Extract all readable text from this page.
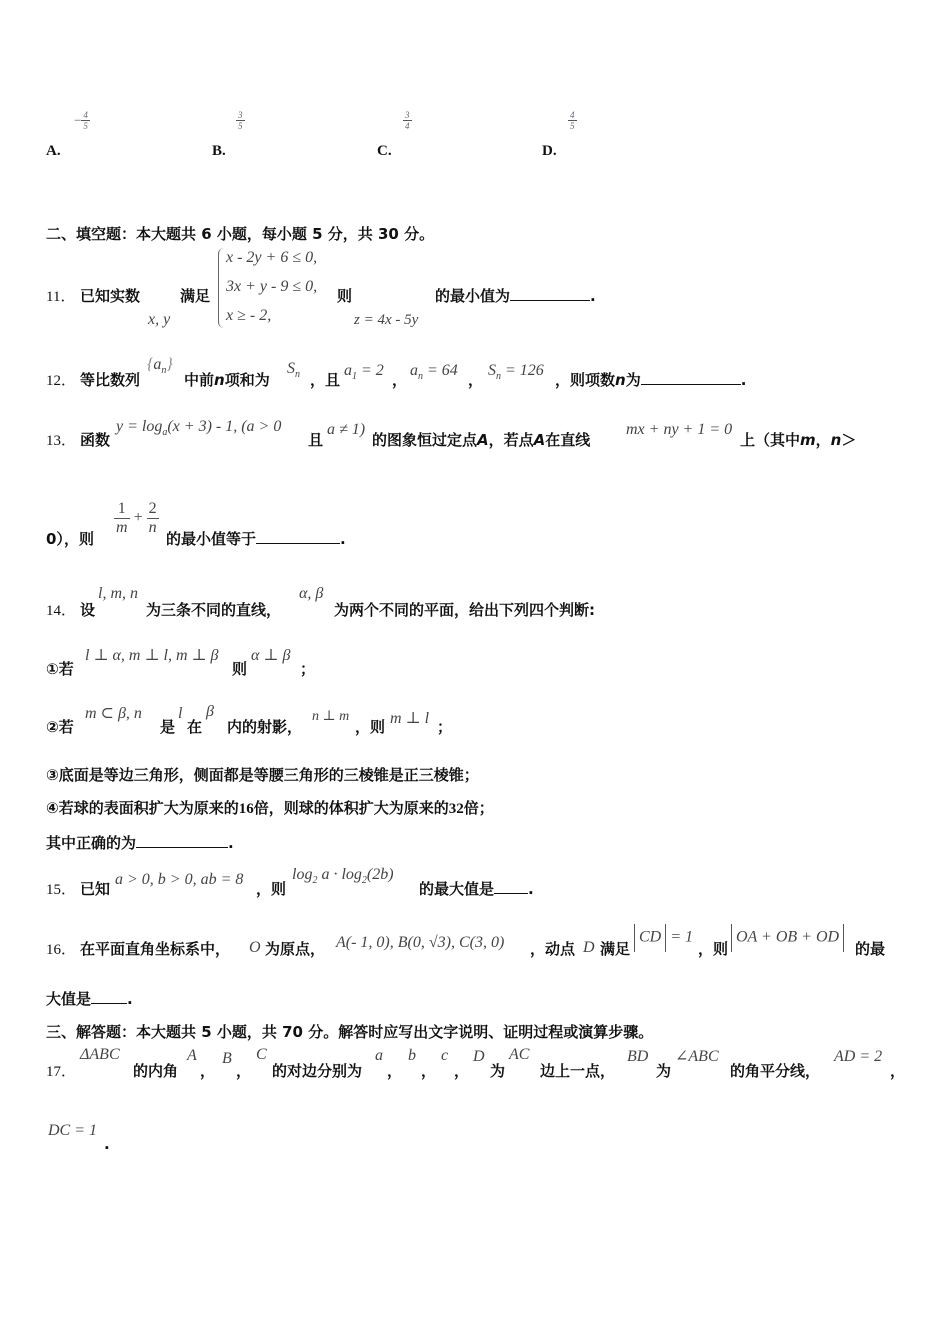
A.
− $\frac{4}{5}$
B.
$\frac{3}{5}$
C.
$\frac{3}{4}$
D.
$\frac{4}{5}$
二、填空题：本大题共 6 小题，每小题 5 分，共 30 分。
11． 已知实数
x, y
满足
x - 2y + 6 ≤ 0,
3x + y - 9 ≤ 0,
x ≥ - 2,
则
z = 4x - 5y
的最小值为	.
12． 等比数列
$\{a_n\}$
中前n项和为
$S_n$ ，且
$a_1 = 2$
，
$a_n = 64$
，
$S_n = 126$
，则项数n为	.
13． 函数
$y = \log_a(x + 3) - 1$, (a > 0
且
a ≠ 1)
的图象恒过定点A，若点A在直线
mx + ny + 1 = 0
上（其中m，n＞
0），则
$\frac{1}{m} + \frac{2}{n}$
的最小值等于	.
14． 设
l, m, n
为三条不同的直线，
α, β
为两个不同的平面，给出下列四个判断:
①若
l ⊥ α, m ⊥ l, m ⊥ β
则
α ⊥ β
；
②若
m ⊂ β, n
是
l
在
β
内的射影，
n ⊥ m
，则 m ⊥ l ；
③底面是等边三角形，侧面都是等腰三角形的三棱锥是正三棱锥；
④若球的表面积扩大为原来的16倍，则球的体积扩大为原来的32倍；
其中正确的为	.
15． 已知
a > 0, b > 0, ab = 8
，则
$\log_2 a \cdot \log_2(2b)$
的最大值是 .
16． 在平面直角坐标系中， O 为原点， A(- 1, 0), B(0, √3), C(3, 0) ，动点 D 满足
CD = 1
，则
OA + OB + OD
的最
大值是 .
三、解答题：本大题共 5 小题，共 70 分。解答时应写出文字说明、证明过程或演算步骤。
17．
ΔABC
的内角
A
，
B
，
C
的对边分别为
a
，
b
，
c
，
D
为
AC
边上一点，
BD
为
∠ABC
的角平分线，
AD = 2
，
DC = 1
.
